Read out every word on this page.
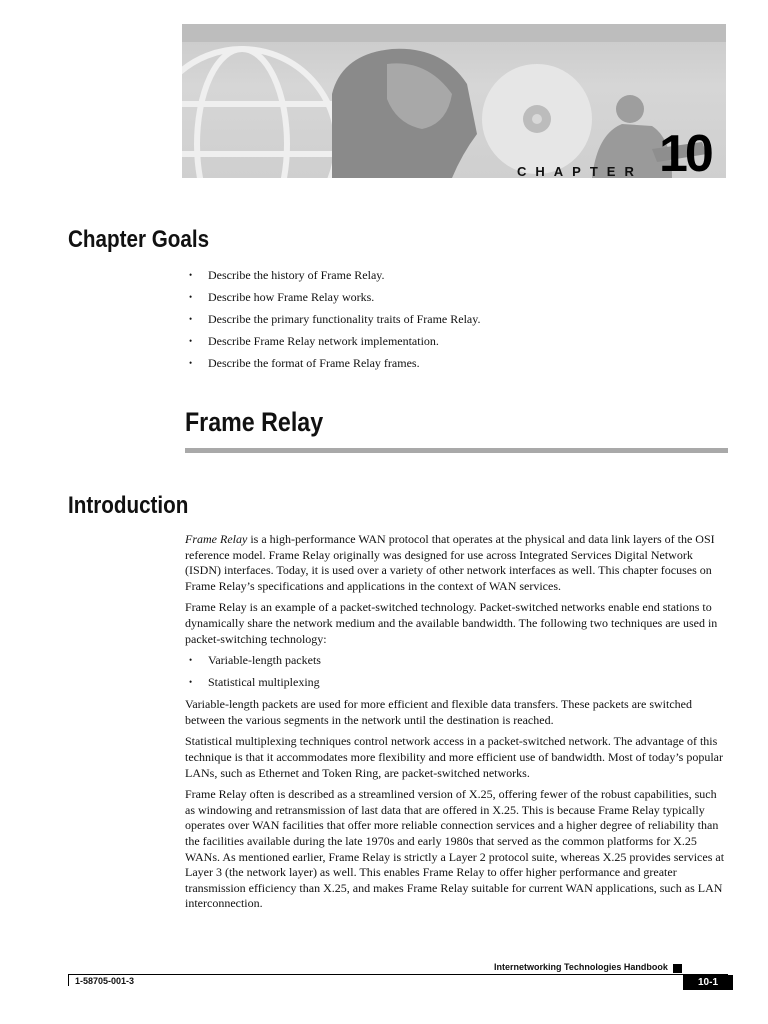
CHAPTER 10
Chapter Goals
• Describe the history of Frame Relay.
• Describe how Frame Relay works.
• Describe the primary functionality traits of Frame Relay.
• Describe Frame Relay network implementation.
• Describe the format of Frame Relay frames.
Frame Relay
Introduction

Frame Relay is a high-performance WAN protocol that operates at the physical and data link layers of the OSI reference model. Frame Relay originally was designed for use across Integrated Services Digital Network (ISDN) interfaces. Today, it is used over a variety of other network interfaces as well. This chapter focuses on Frame Relay’s specifications and applications in the context of WAN services.

Frame Relay is an example of a packet-switched technology. Packet-switched networks enable end stations to dynamically share the network medium and the available bandwidth. The following two techniques are used in packet-switching technology:

• Variable-length packets
• Statistical multiplexing

Variable-length packets are used for more efficient and flexible data transfers. These packets are switched between the various segments in the network until the destination is reached.

Statistical multiplexing techniques control network access in a packet-switched network. The advantage of this technique is that it accommodates more flexibility and more efficient use of bandwidth. Most of today’s popular LANs, such as Ethernet and Token Ring, are packet-switched networks.

Frame Relay often is described as a streamlined version of X.25, offering fewer of the robust capabilities, such as windowing and retransmission of last data that are offered in X.25. This is because Frame Relay typically operates over WAN facilities that offer more reliable connection services and a higher degree of reliability than the facilities available during the late 1970s and early 1980s that served as the common platforms for X.25 WANs. As mentioned earlier, Frame Relay is strictly a Layer 2 protocol suite, whereas X.25 provides services at Layer 3 (the network layer) as well. This enables Frame Relay to offer higher performance and greater transmission efficiency than X.25, and makes Frame Relay suitable for current WAN applications, such as LAN interconnection.

Internetworking Technologies Handbook
1-58705-001-3	10-1
